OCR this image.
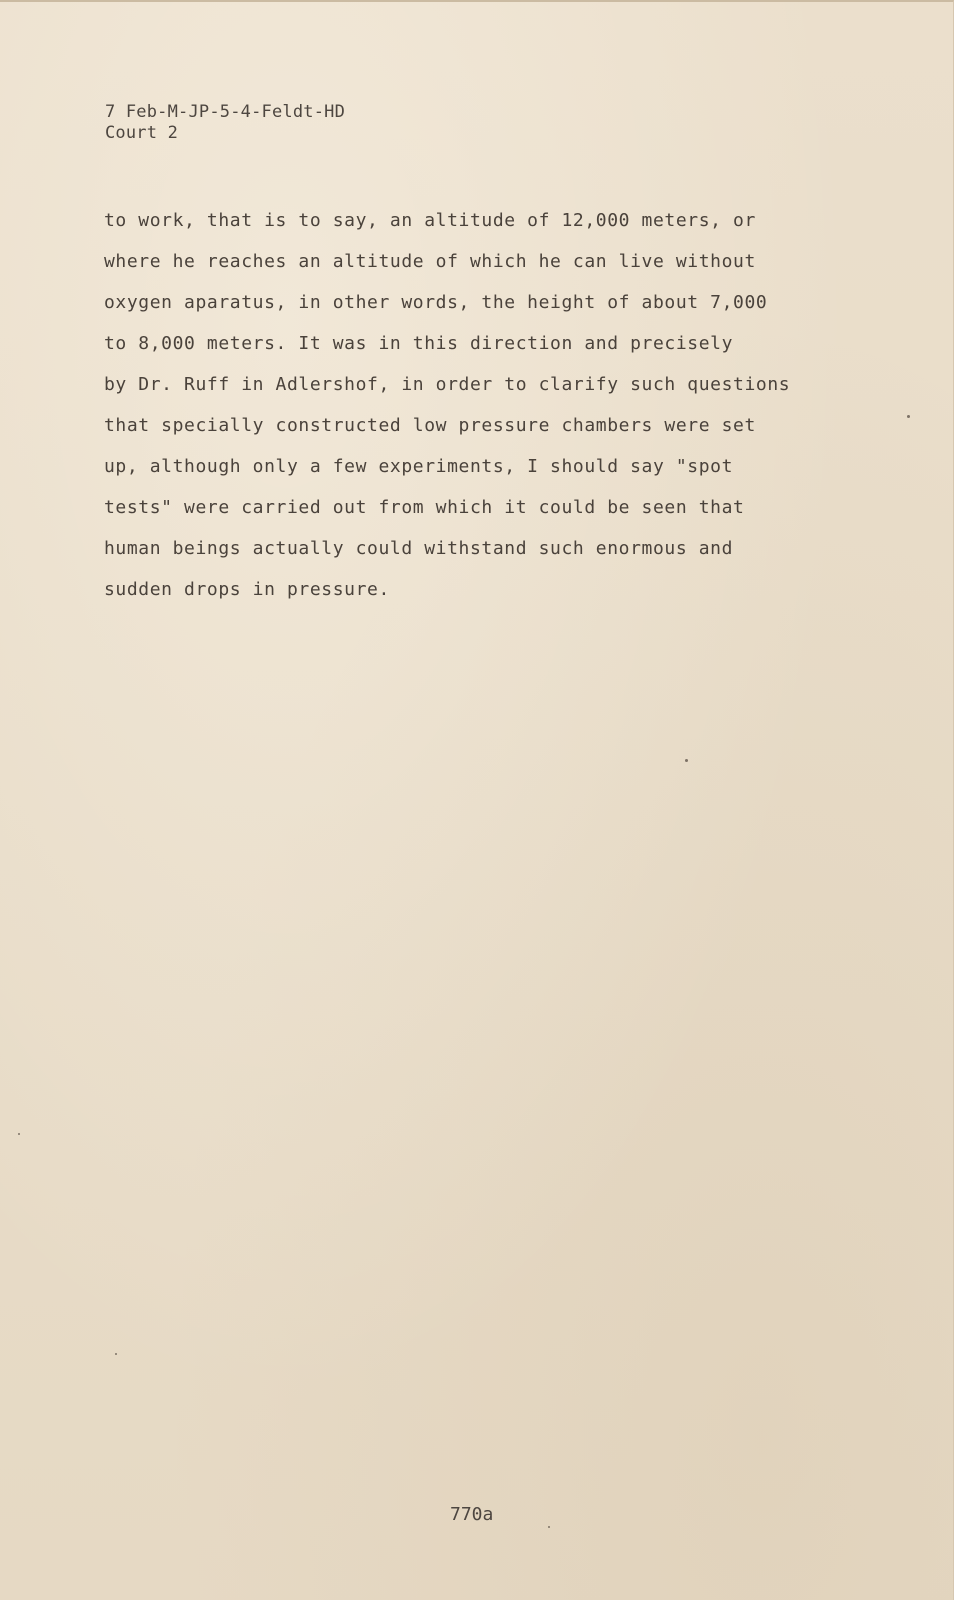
7 Feb-M-JP-5-4-Feldt-HD
Court 2
to work, that is to say, an altitude of 12,000 meters, or
where he reaches an altitude of which he can live without
oxygen aparatus, in other words, the height of about 7,000
to 8,000 meters. It was in this direction and precisely
by Dr. Ruff in Adlershof, in order to clarify such questions
that specially constructed low pressure chambers were set
up, although only a few experiments, I should say "spot
tests" were carried out from which it could be seen that
human beings actually could withstand such enormous and
sudden drops in pressure.
770a
